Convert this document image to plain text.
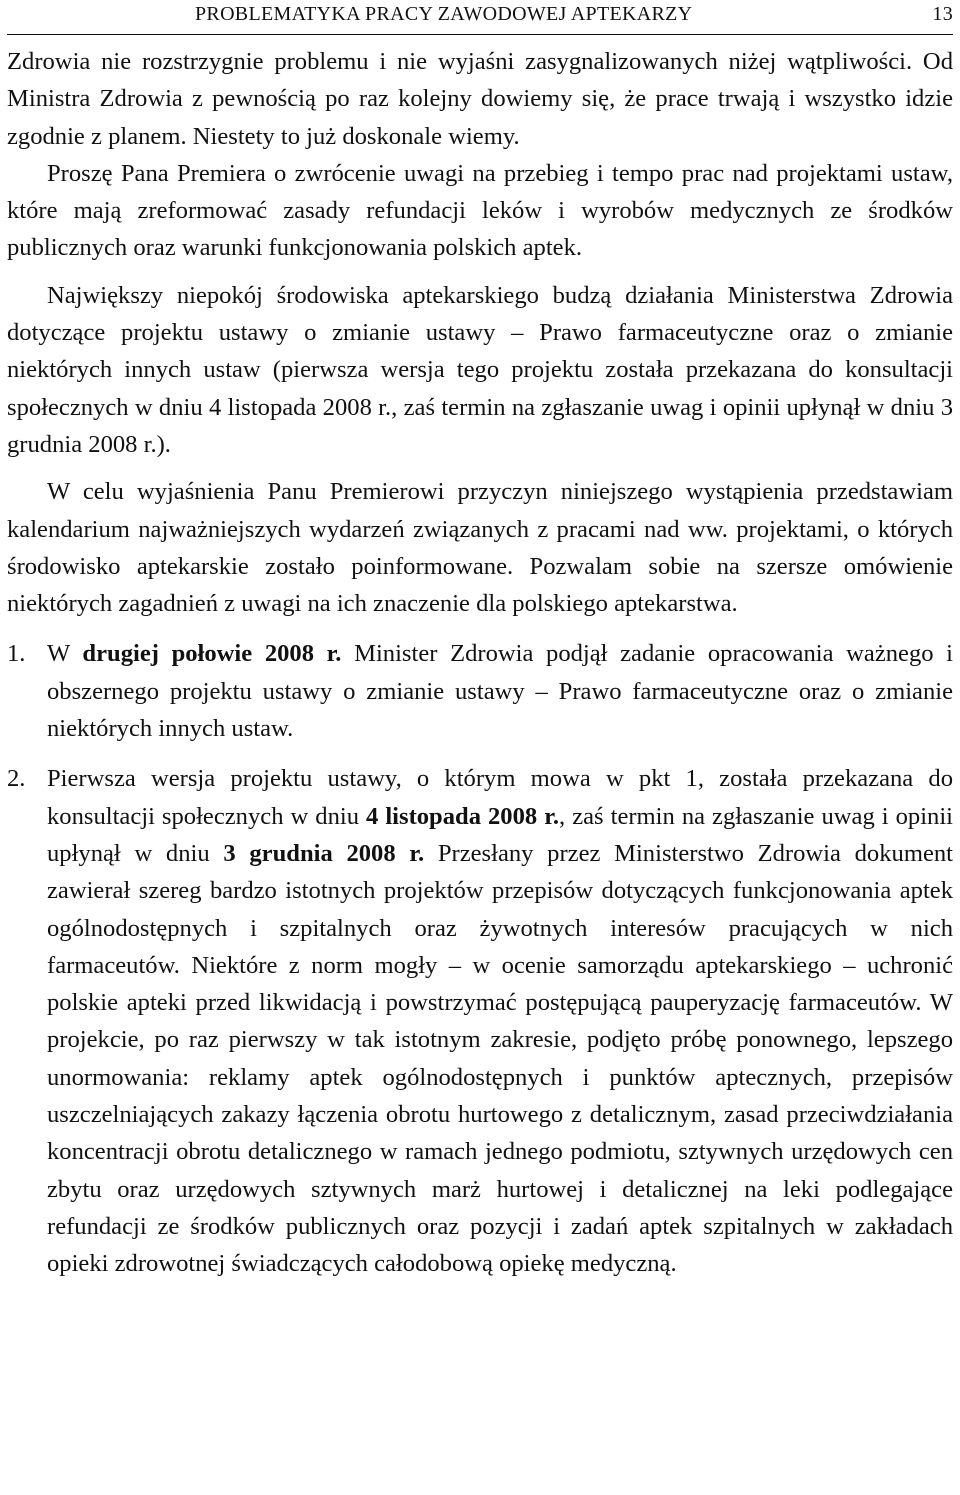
PROBLEMATYKA PRACY ZAWODOWEJ APTEKARZY	13

Zdrowia nie rozstrzygnie problemu i nie wyjaśni zasygnalizowanych niżej wątpliwości. Od Ministra Zdrowia z pewnością po raz kolejny dowiemy się, że prace trwają i wszystko idzie zgodnie z planem. Niestety to już doskonale wiemy.

Proszę Pana Premiera o zwrócenie uwagi na przebieg i tempo prac nad projektami ustaw, które mają zreformować zasady refundacji leków i wyrobów medycznych ze środków publicznych oraz warunki funkcjonowania polskich aptek.

Największy niepokój środowiska aptekarskiego budzą działania Ministerstwa Zdrowia dotyczące projektu ustawy o zmianie ustawy – Prawo farmaceutyczne oraz o zmianie niektórych innych ustaw (pierwsza wersja tego projektu została przekazana do konsultacji społecznych w dniu 4 listopada 2008 r., zaś termin na zgłaszanie uwag i opinii upłynął w dniu 3 grudnia 2008 r.).

W celu wyjaśnienia Panu Premierowi przyczyn niniejszego wystąpienia przedstawiam kalendarium najważniejszych wydarzeń związanych z pracami nad ww. projektami, o których środowisko aptekarskie zostało poinformowane. Pozwalam sobie na szersze omówienie niektórych zagadnień z uwagi na ich znaczenie dla polskiego aptekarstwa.

1. W drugiej połowie 2008 r. Minister Zdrowia podjął zadanie opracowania ważnego i obszernego projektu ustawy o zmianie ustawy – Prawo farmaceutyczne oraz o zmianie niektórych innych ustaw.

2. Pierwsza wersja projektu ustawy, o którym mowa w pkt 1, została przekazana do konsultacji społecznych w dniu 4 listopada 2008 r., zaś termin na zgłaszanie uwag i opinii upłynął w dniu 3 grudnia 2008 r. Przesłany przez Ministerstwo Zdrowia dokument zawierał szereg bardzo istotnych projektów przepisów dotyczących funkcjonowania aptek ogólnodostępnych i szpitalnych oraz żywotnych interesów pracujących w nich farmaceutów. Niektóre z norm mogły – w ocenie samorządu aptekarskiego – uchronić polskie apteki przed likwidacją i powstrzymać postępującą pauperyzację farmaceutów. W projekcie, po raz pierwszy w tak istotnym zakresie, podjęto próbę ponownego, lepszego unormowania: reklamy aptek ogólnodostępnych i punktów aptecznych, przepisów uszczelniających zakazy łączenia obrotu hurtowego z detalicznym, zasad przeciwdziałania koncentracji obrotu detalicznego w ramach jednego podmiotu, sztywnych urzędowych cen zbytu oraz urzędowych sztywnych marż hurtowej i detalicznej na leki podlegające refundacji ze środków publicznych oraz pozycji i zadań aptek szpitalnych w zakładach opieki zdrowotnej świadczących całodobową opiekę medyczną.
